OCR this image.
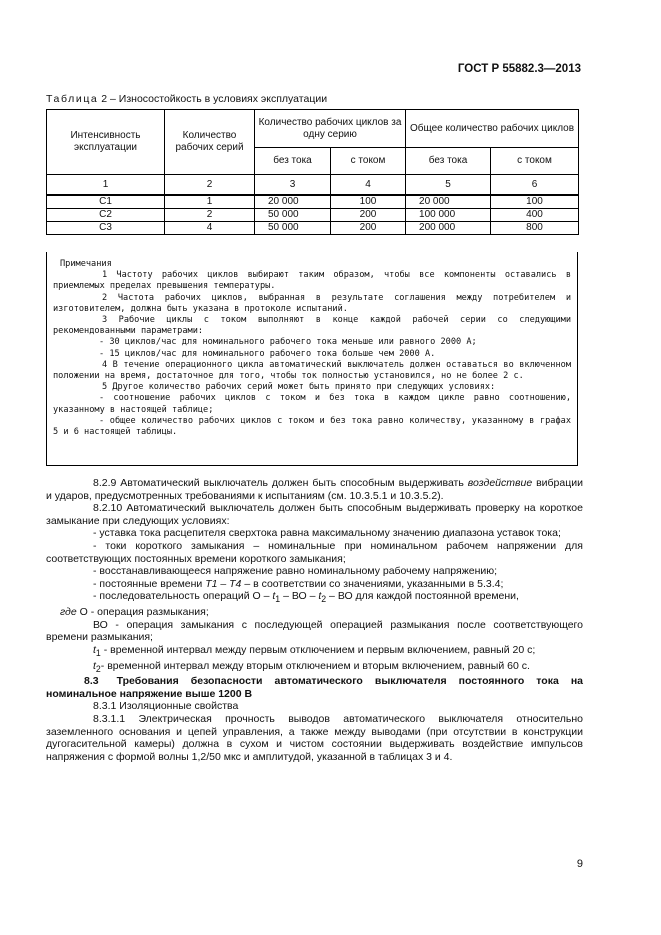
ГОСТ Р 55882.3—2013
Таблица 2 – Износостойкость в условиях эксплуатации
Интенсивность эксплуатации	Количество рабочих серий	Количество рабочих циклов за одну серию		Общее количество рабочих циклов	
		без тока	с током	без тока	с током
1	2	3	4	5	6
C1	1	20 000	100	20 000	100
C2	2	50 000	200	100 000	400
C3	4	50 000	200	200 000	800

Примечания

1 Частоту рабочих циклов выбирают таким образом, чтобы все компоненты оставались в приемлемых пределах превышения температуры.

2 Частота рабочих циклов, выбранная в результате соглашения между потребителем и изготовителем, должна быть указана в протоколе испытаний.

3 Рабочие циклы с током выполняют в конце каждой рабочей серии со следующими рекомендованными параметрами:

- 30 циклов/час для номинального рабочего тока меньше или равного 2000 А;

- 15 циклов/час для номинального рабочего тока больше чем 2000 А.

4 В течение операционного цикла автоматический выключатель должен оставаться во включенном положении на время, достаточное для того, чтобы ток полностью установился, но не более 2 с.

5 Другое количество рабочих серий может быть принято при следующих условиях:

- соотношение рабочих циклов с током и без тока в каждом цикле равно соотношению, указанному в настоящей таблице;

- общее количество рабочих циклов с током и без тока равно количеству, указанному в графах 5 и 6 настоящей таблицы.

8.2.9 Автоматический выключатель должен быть способным выдерживать воздействие вибрации и ударов, предусмотренных требованиями к испытаниям (см. 10.3.5.1 и 10.3.5.2).

8.2.10 Автоматический выключатель должен быть способным выдерживать проверку на короткое замыкание при следующих условиях:

- уставка тока расцепителя сверхтока равна максимальному значению диапазона уставок тока;

- токи короткого замыкания – номинальные при номинальном рабочем напряжении для соответствующих постоянных времени короткого замыкания;

- восстанавливающееся напряжение равно номинальному рабочему напряжению;

- постоянные времени T1 – T4 – в соответствии со значениями, указанными в 5.3.4;

- последовательность операций О – $t_1$ – ВО – $t_2$ – ВО для каждой постоянной времени,

где О - операция размыкания;

ВО - операция замыкания с последующей операцией размыкания после соответствующего времени размыкания;

$t_1$ - временной интервал между первым отключением и первым включением, равный 20 с;

$t_2-$ временной интервал между вторым отключением и вторым включением, равный 60 с.

8.3 Требования безопасности автоматического выключателя постоянного тока на номинальное напряжение выше 1200 В

8.3.1 Изоляционные свойства

8.3.1.1 Электрическая прочность выводов автоматического выключателя относительно заземленного основания и цепей управления, а также между выводами (при отсутствии в конструкции дугогасительной камеры) должна в сухом и чистом состоянии выдерживать воздействие импульсов напряжения с формой волны 1,2/50 мкс и амплитудой, указанной в таблицах 3 и 4.

9
